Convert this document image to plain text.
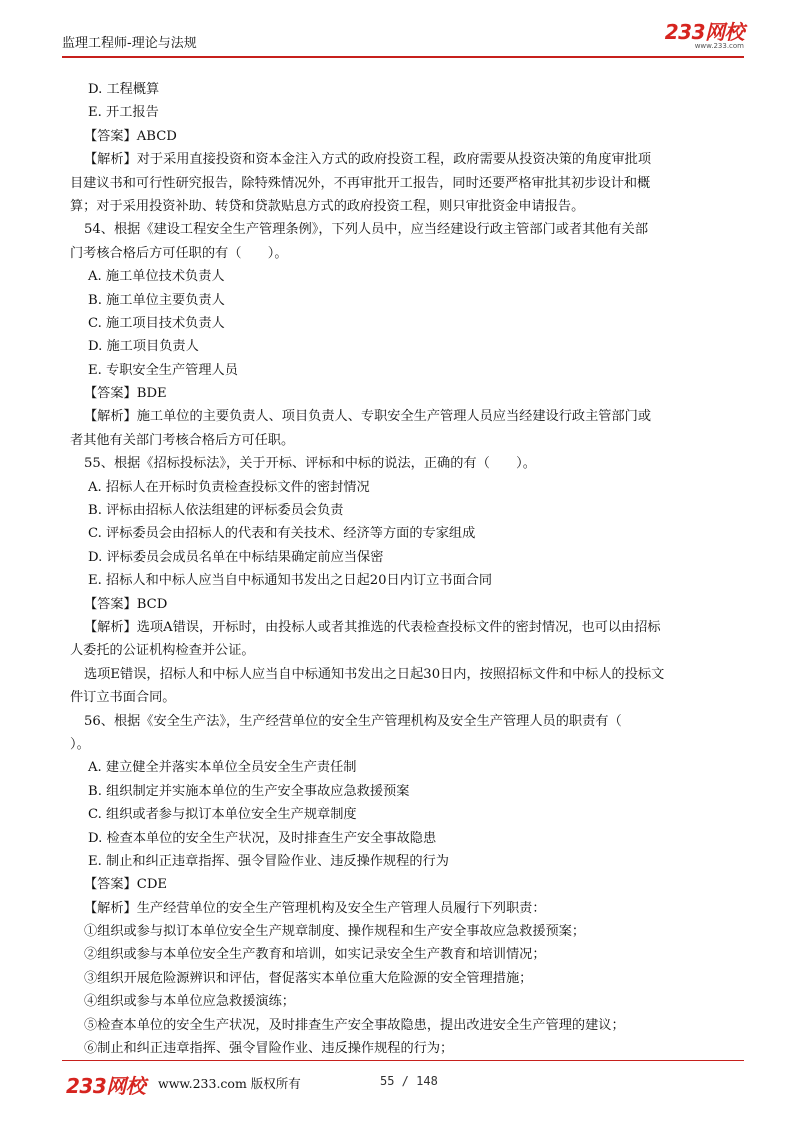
监理工程师-理论与法规	233网校
www.233.com
D. 工程概算
E. 开工报告
【答案】ABCD
【解析】对于采用直接投资和资本金注入方式的政府投资工程，政府需要从投资决策的角度审批项
目建议书和可行性研究报告，除特殊情况外，不再审批开工报告，同时还要严格审批其初步设计和概
算；对于采用投资补助、转贷和贷款贴息方式的政府投资工程，则只审批资金申请报告。
54、根据《建设工程安全生产管理条例》，下列人员中，应当经建设行政主管部门或者其他有关部
门考核合格后方可任职的有（　　）。
A. 施工单位技术负责人
B. 施工单位主要负责人
C. 施工项目技术负责人
D. 施工项目负责人
E. 专职安全生产管理人员
【答案】BDE
【解析】施工单位的主要负责人、项目负责人、专职安全生产管理人员应当经建设行政主管部门或
者其他有关部门考核合格后方可任职。
55、根据《招标投标法》，关于开标、评标和中标的说法，正确的有（　　）。
A. 招标人在开标时负责检查投标文件的密封情况
B. 评标由招标人依法组建的评标委员会负责
C. 评标委员会由招标人的代表和有关技术、经济等方面的专家组成
D. 评标委员会成员名单在中标结果确定前应当保密
E. 招标人和中标人应当自中标通知书发出之日起20日内订立书面合同
【答案】BCD
【解析】选项A错误，开标时，由投标人或者其推选的代表检查投标文件的密封情况，也可以由招标
人委托的公证机构检查并公证。
选项E错误，招标人和中标人应当自中标通知书发出之日起30日内，按照招标文件和中标人的投标文
件订立书面合同。
56、根据《安全生产法》，生产经营单位的安全生产管理机构及安全生产管理人员的职责有（
）。
A. 建立健全并落实本单位全员安全生产责任制
B. 组织制定并实施本单位的生产安全事故应急救援预案
C. 组织或者参与拟订本单位安全生产规章制度
D. 检查本单位的安全生产状况，及时排查生产安全事故隐患
E. 制止和纠正违章指挥、强令冒险作业、违反操作规程的行为
【答案】CDE
【解析】生产经营单位的安全生产管理机构及安全生产管理人员履行下列职责：
①组织或参与拟订本单位安全生产规章制度、操作规程和生产安全事故应急救援预案；
②组织或参与本单位安全生产教育和培训，如实记录安全生产教育和培训情况；
③组织开展危险源辨识和评估，督促落实本单位重大危险源的安全管理措施；
④组织或参与本单位应急救援演练；
⑤检查本单位的安全生产状况，及时排查生产安全事故隐患，提出改进安全生产管理的建议；
⑥制止和纠正违章指挥、强令冒险作业、违反操作规程的行为；
233网校 www.233.com 版权所有	55 / 148
